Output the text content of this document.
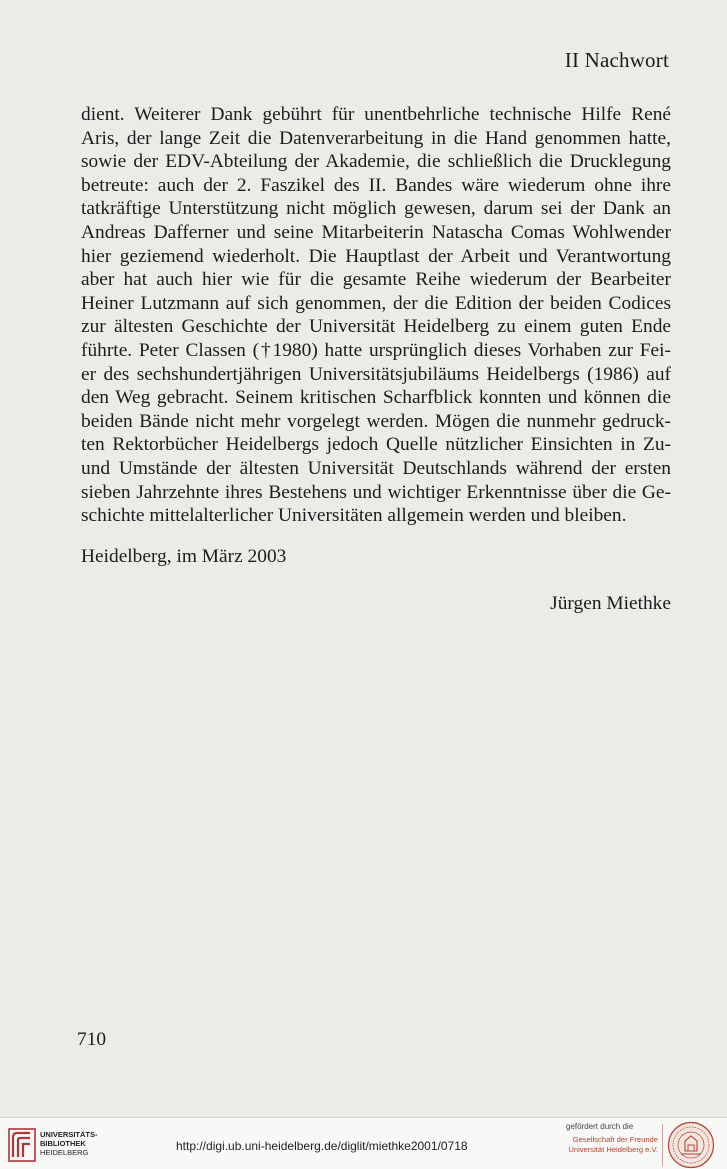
II Nachwort

dient. Weiterer Dank gebührt für unentbehrliche technische Hilfe René
Aris, der lange Zeit die Datenverarbeitung in die Hand genommen hatte,
sowie der EDV-Abteilung der Akademie, die schließlich die Drucklegung
betreute: auch der 2. Faszikel des II. Bandes wäre wiederum ohne ihre
tatkräftige Unterstützung nicht möglich gewesen, darum sei der Dank an
Andreas Dafferner und seine Mitarbeiterin Natascha Comas Wohlwender
hier geziemend wiederholt. Die Hauptlast der Arbeit und Verantwortung
aber hat auch hier wie für die gesamte Reihe wiederum der Bearbeiter
Heiner Lutzmann auf sich genommen, der die Edition der beiden Codices
zur ältesten Geschichte der Universität Heidelberg zu einem guten Ende
führte. Peter Classen (†1980) hatte ursprünglich dieses Vorhaben zur Fei-
er des sechshundertjährigen Universitätsjubiläums Heidelbergs (1986) auf
den Weg gebracht. Seinem kritischen Scharfblick konnten und können die
beiden Bände nicht mehr vorgelegt werden. Mögen die nunmehr gedruck-
ten Rektorbücher Heidelbergs jedoch Quelle nützlicher Einsichten in Zu-
und Umstände der ältesten Universität Deutschlands während der ersten
sieben Jahrzehnte ihres Bestehens und wichtiger Erkenntnisse über die Ge-
schichte mittelalterlicher Universitäten allgemein werden und bleiben.

Heidelberg, im März 2003
Jürgen Miethke
710
UNIVERSITÄTS-
BIBLIOTHEK
HEIDELBERG	http://digi.ub.uni-heidelberg.de/diglit/miethke2001/0718
gefördert durch die
Gesellschaft der Freunde
Universität Heidelberg e.V.
